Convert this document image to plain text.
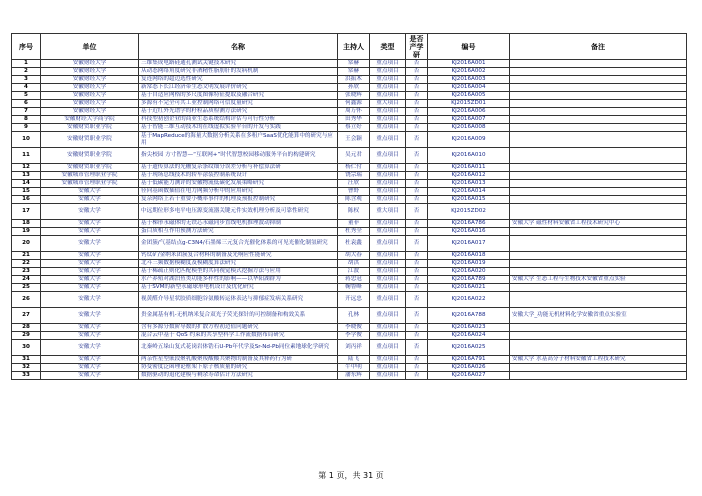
序号	单位	名称	主持人	类型	是否产学研	编号	备注
1	安徽财经大学	三维集成电路硅通孔测试关键技术研究	常赫	重点项目	否	KJ2016A001	
2	安徽财经大学	从动态网络角度研究非酒精性脂肪肝的发病机制	常赫	重点项目	否	KJ2016A002	
3	安徽财经大学	复连网络的超边选性研究	洪振木	重点项目	否	KJ2016A003	
4	安徽财经大学	新常态下长江经济带生态文明发展评价研究	孙欣	重点项目	否	KJ2016A004	
5	安徽财经大学	基于自适应网格的多尺度图像特征提取及融合研究	张晓辉	重点项目	否	KJ2016A005	
6	安徽财经大学	多源有不完全可共工业控制网络可信度量研究	何鑫源	重大项目	否	KJ2015ZD01	
7	安徽财经大学	基于近红外光谱学的籽粒品质检测方法研究	周万怀	重点项目	否	KJ2016A006	
8	安徽财经大学商学院	科技型初创企业的商业生态系统结构评估与可行性分析	田秀华	重点项目	否	KJ2016A007	
9	安徽财贸职业学院	基于智能三维互动技术的在线虚拟实验平台的开发与实践	蔡立好	重点项目	否	KJ2016A008	
10	安徽财贸职业学院	基于MapReduce的海量大数据分析关系在多租户SaaS优化能算中的研究与应用	王会颖	重点项目	否	KJ2016A009	
11	安徽财贸职业学院	指尖校园 方寸智慧—“互联网+”时代智慧校园移动服务平台的构建研究	吴元君	重点项目	否	KJ2016A010	
12	安徽财贸职业学院	基于遗传算法的光栅复杂条纹细分误差分析与补偿算法研	杨仁付	重点项目	否	KJ2016A011	
13	安徽城市管理职业学院	基于现场总线技术的轿车涂装控制系统设计	饶宗瑞	重点项目	否	KJ2016A012	
14	安徽城市管理职业学院	基于低碳能力测评的安徽物流低碳化发展策略研究	汪欣	重点项目	否	KJ2016A013	
15	安徽大学	径向基函数插值在电力网频分析中的应用研究	曹野	重点项目	否	KJ2016A014	
16	安徽大学	复杂网络上若干重要小概率事件的机理及预报控制研究	陈含观	重点项目	否	KJ2016A015	
17	安徽大学	中远期位形多电平电压源变流器关键元件实效机理分析及可靠性研究	陈权	重大项目	否	KJ2015ZD02	
18	安徽大学	基于梯形永磁体的无铁芯永磁同步直线电机推理波动抑制	董菲	重点项目	否	KJ2016A786	安徽大学 磁性材料安徽省工程技术研究中心
19	安徽大学	蛋白质相互作用预测方法研究	杜秀全	重点项目	否	KJ2016A016	
20	安徽大学	金团簇/气基结点g-C3N4/石墨烯三元复合光催化体系的可见光催化制氢研究	杜袁鑫	重点项目	否	KJ2016A017	
21	安徽大学	钙钛矿/金纳米团簇复合材料的制备及光响应性能研究	胡大春	重点项目	否	KJ2016A018	
22	安徽大学	北斗三频数据模糊度及模糊度算法研究	胡洪	重点项目	否	KJ2016A019	
23	安徽大学	基于稀疏正则化匹配模型的共同视觉模式挖掘方法与应用	江波	重点项目	否	KJ2016A020	
24	安徽大学	水产养殖对湖泊鱼类功能多样性的影响——以华阳湖群为	蒋忠冠	重点项目	否	KJ2016A789	安徽大学 生态工程与生物技术安徽省重点实验
25	安徽大学	基于SVM的新型永磁球形电机设计及优化研究	鞠鲁峰	重点项目	否	KJ2016A021	
26	安徽大学	视黄醛介导星状胶质细胞谷氨酸转运体表达与抑郁症发病关系研究	开远忠	重点项目	否	KJ2016A022	
27	安徽大学	贵金属基有机-无机纳米复合双光子荧光探针的可控制备和构效关系	孔林	重点项目	否	KJ2016A788	安徽大学_功能无机材料化学安徽省重点实验室
28	安徽大学	含有多源分数阶导数的扩散方程初边值问题研究	李晓俊	重点项目	否	KJ2016A023	
29	安徽大学	混合云中基于 QoS 约束的共享型科学工作流数据布局研究	李学俊	重点项目	否	KJ2016A024	
30	安徽大学	北秦岭五垛山复式花岗岩体锆石U-Pb年代学及Sr-Nd-Pb同位素地球化学研究	刘丙祥	重点项目	否	KJ2016A025	
31	安徽大学	两亲性星型嵌段聚乳酸聚羧酸酸共聚物的制备及其释药行为研	陆飞	重点项目	否	KJ2016A791	安徽大学 水基高分子材料安徽省工程技术研究
32	安徽大学	协变密度泛函理论框架下原子核质量的研究	牛中明	重点项目	否	KJ2016A026	
33	安徽大学	数据驱动的退化建模与剩余寿命估计方法研究	潘东辉	重点项目	否	KJ2016A027	
第 1 页，共 31 页
